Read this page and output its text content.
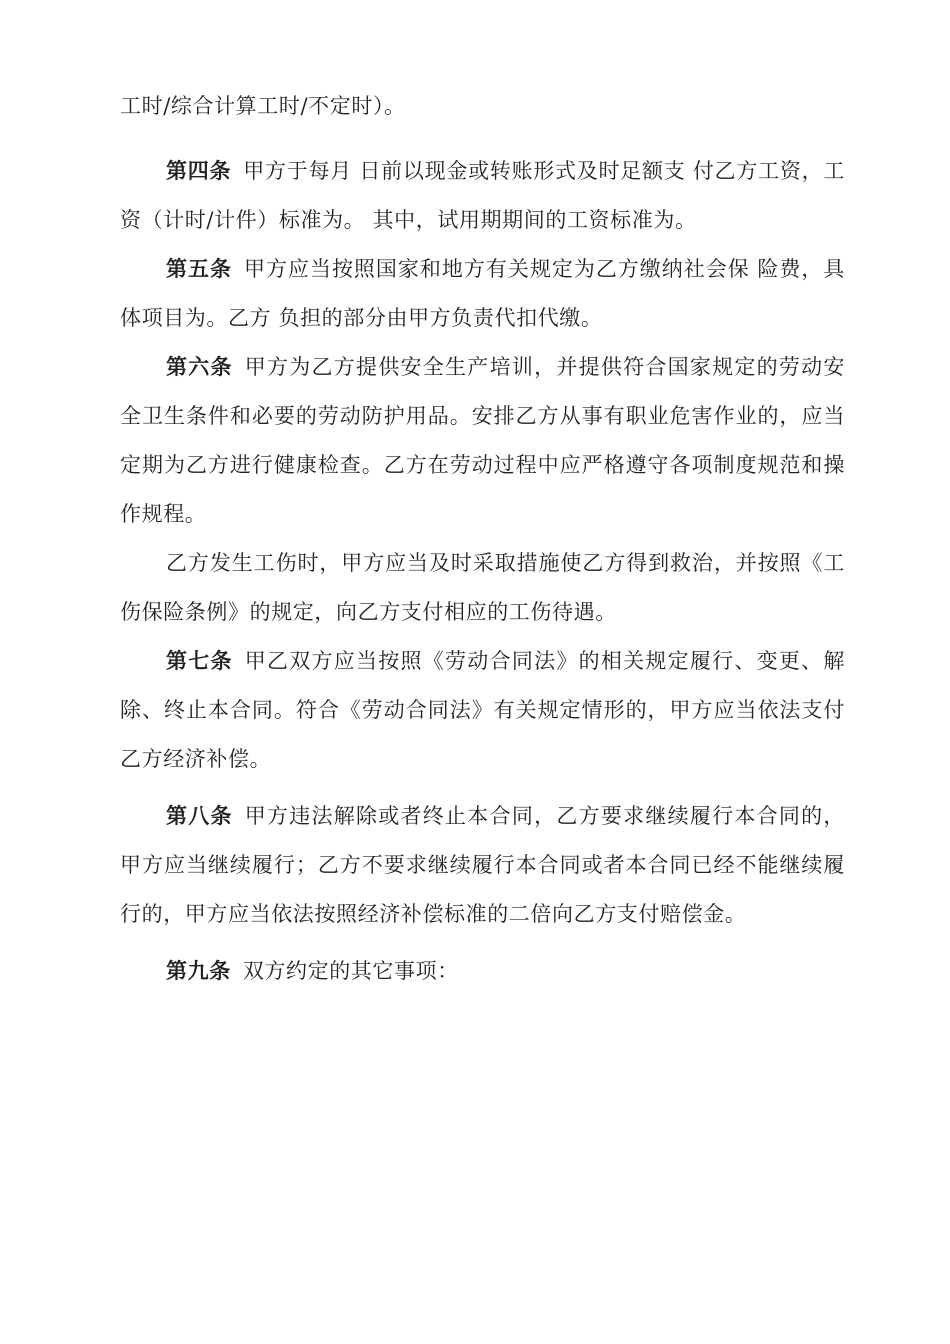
工时/综合计算工时/不定时）。

第四条 甲方于每月 日前以现金或转账形式及时足额支 付乙方工资，工资（计时/计件）标准为。 其中，试用期期间的工资标准为。

第五条 甲方应当按照国家和地方有关规定为乙方缴纳社会保 险费，具体项目为。乙方 负担的部分由甲方负责代扣代缴。

第六条 甲方为乙方提供安全生产培训，并提供符合国家规定的劳动安全卫生条件和必要的劳动防护用品。安排乙方从事有职业危害作业的，应当定期为乙方进行健康检查。乙方在劳动过程中应严格遵守各项制度规范和操作规程。

乙方发生工伤时，甲方应当及时采取措施使乙方得到救治，并按照《工伤保险条例》的规定，向乙方支付相应的工伤待遇。

第七条 甲乙双方应当按照《劳动合同法》的相关规定履行、变更、解除、终止本合同。符合《劳动合同法》有关规定情形的，甲方应当依法支付乙方经济补偿。

第八条 甲方违法解除或者终止本合同，乙方要求继续履行本合同的，甲方应当继续履行；乙方不要求继续履行本合同或者本合同已经不能继续履行的，甲方应当依法按照经济补偿标准的二倍向乙方支付赔偿金。

第九条 双方约定的其它事项：
